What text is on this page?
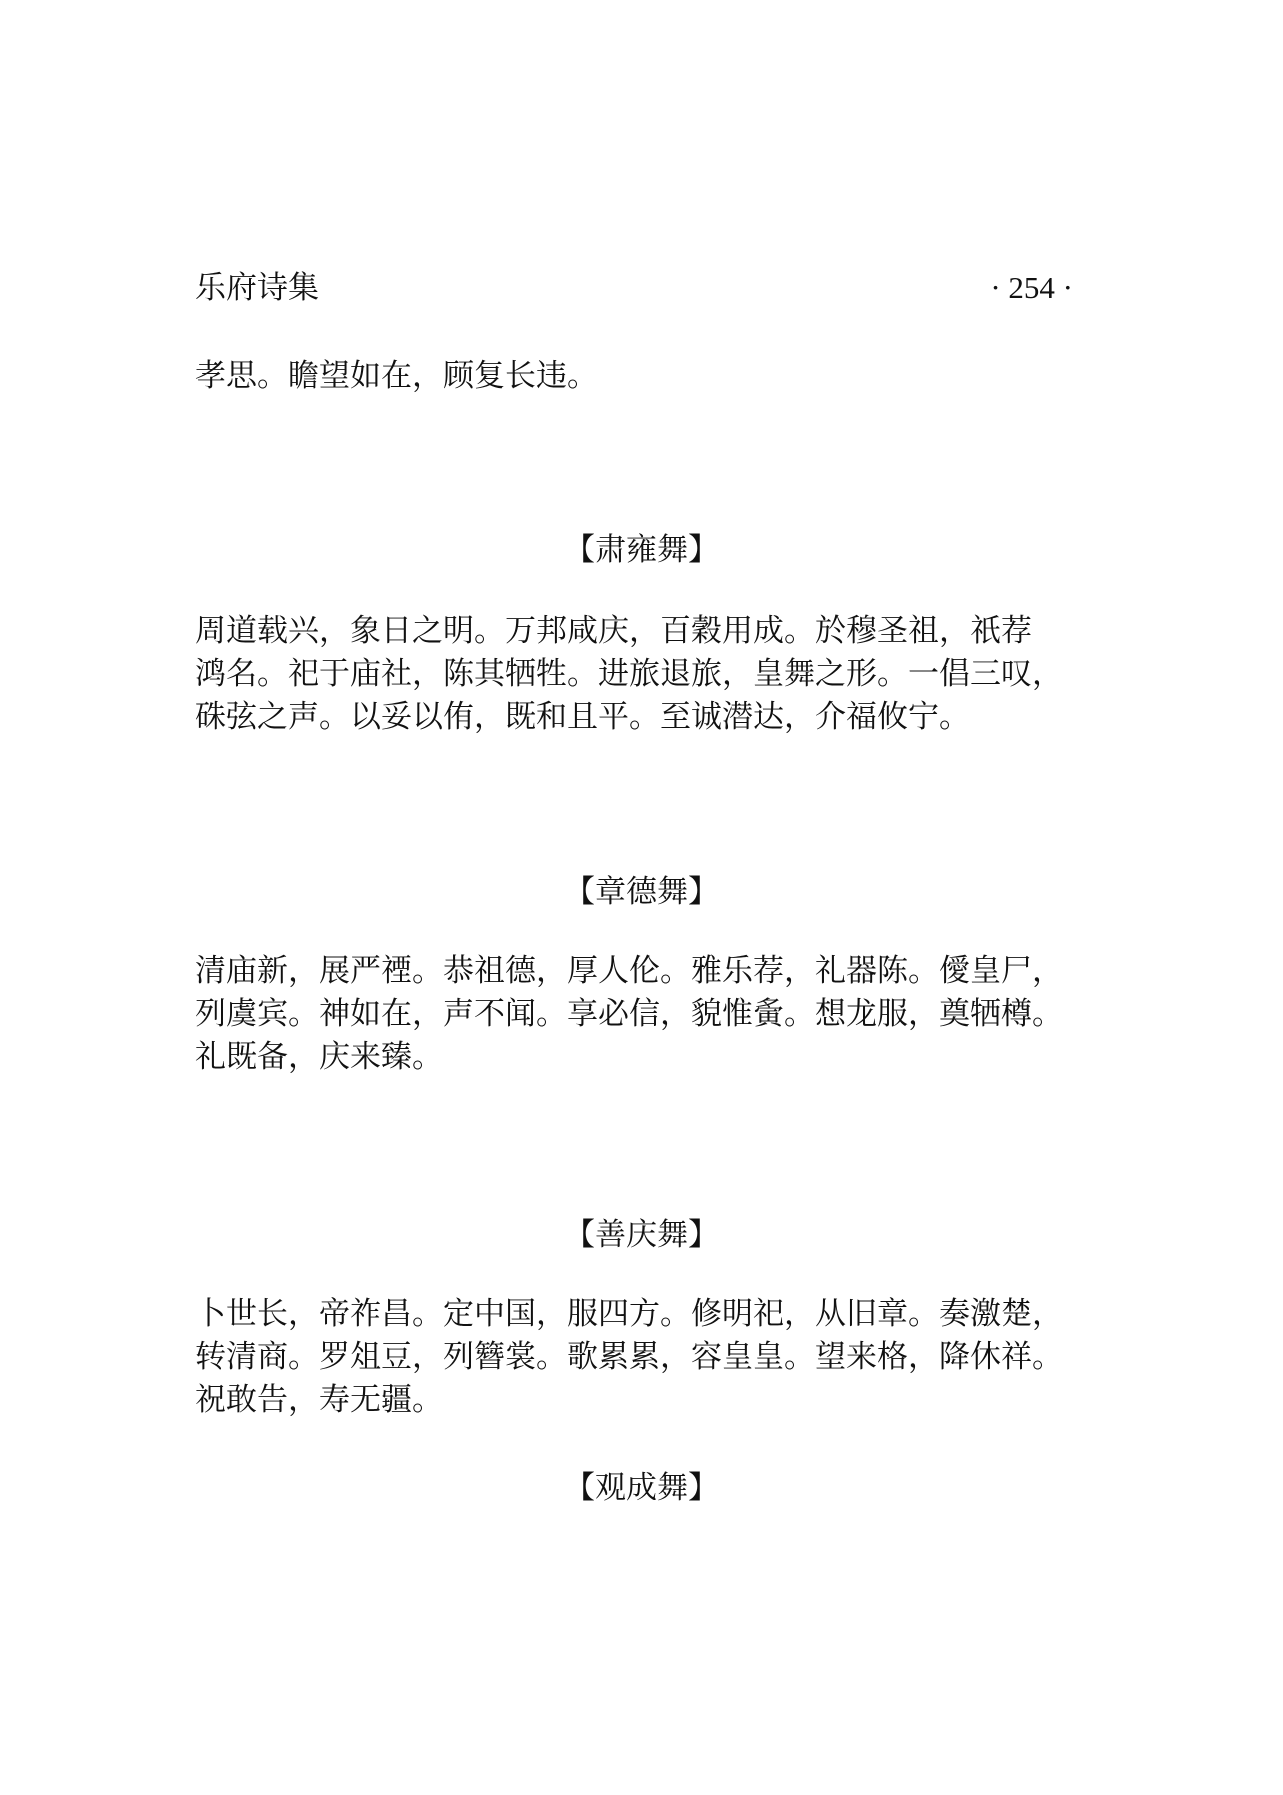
乐府诗集	· 254 ·
孝思。瞻望如在，顾复长违。
【肃雍舞】
周道载兴，象日之明。万邦咸庆，百穀用成。於穆圣祖，祇荐
鸿名。祀于庙社，陈其牺牲。进旅退旅，皇舞之形。一倡三叹，
硃弦之声。以妥以侑，既和且平。至诚潜达，介福攸宁。
【章德舞】
清庙新，展严禋。恭祖德，厚人伦。雅乐荐，礼器陈。僾皇尸，
列虞宾。神如在，声不闻。享必信，貌惟夤。想龙服，奠牺樽。
礼既备，庆来臻。
【善庆舞】
卜世长，帝祚昌。定中国，服四方。修明祀，从旧章。奏激楚，
转清商。罗俎豆，列簪裳。歌累累，容皇皇。望来格，降休祥。
祝敢告，寿无疆。
【观成舞】
